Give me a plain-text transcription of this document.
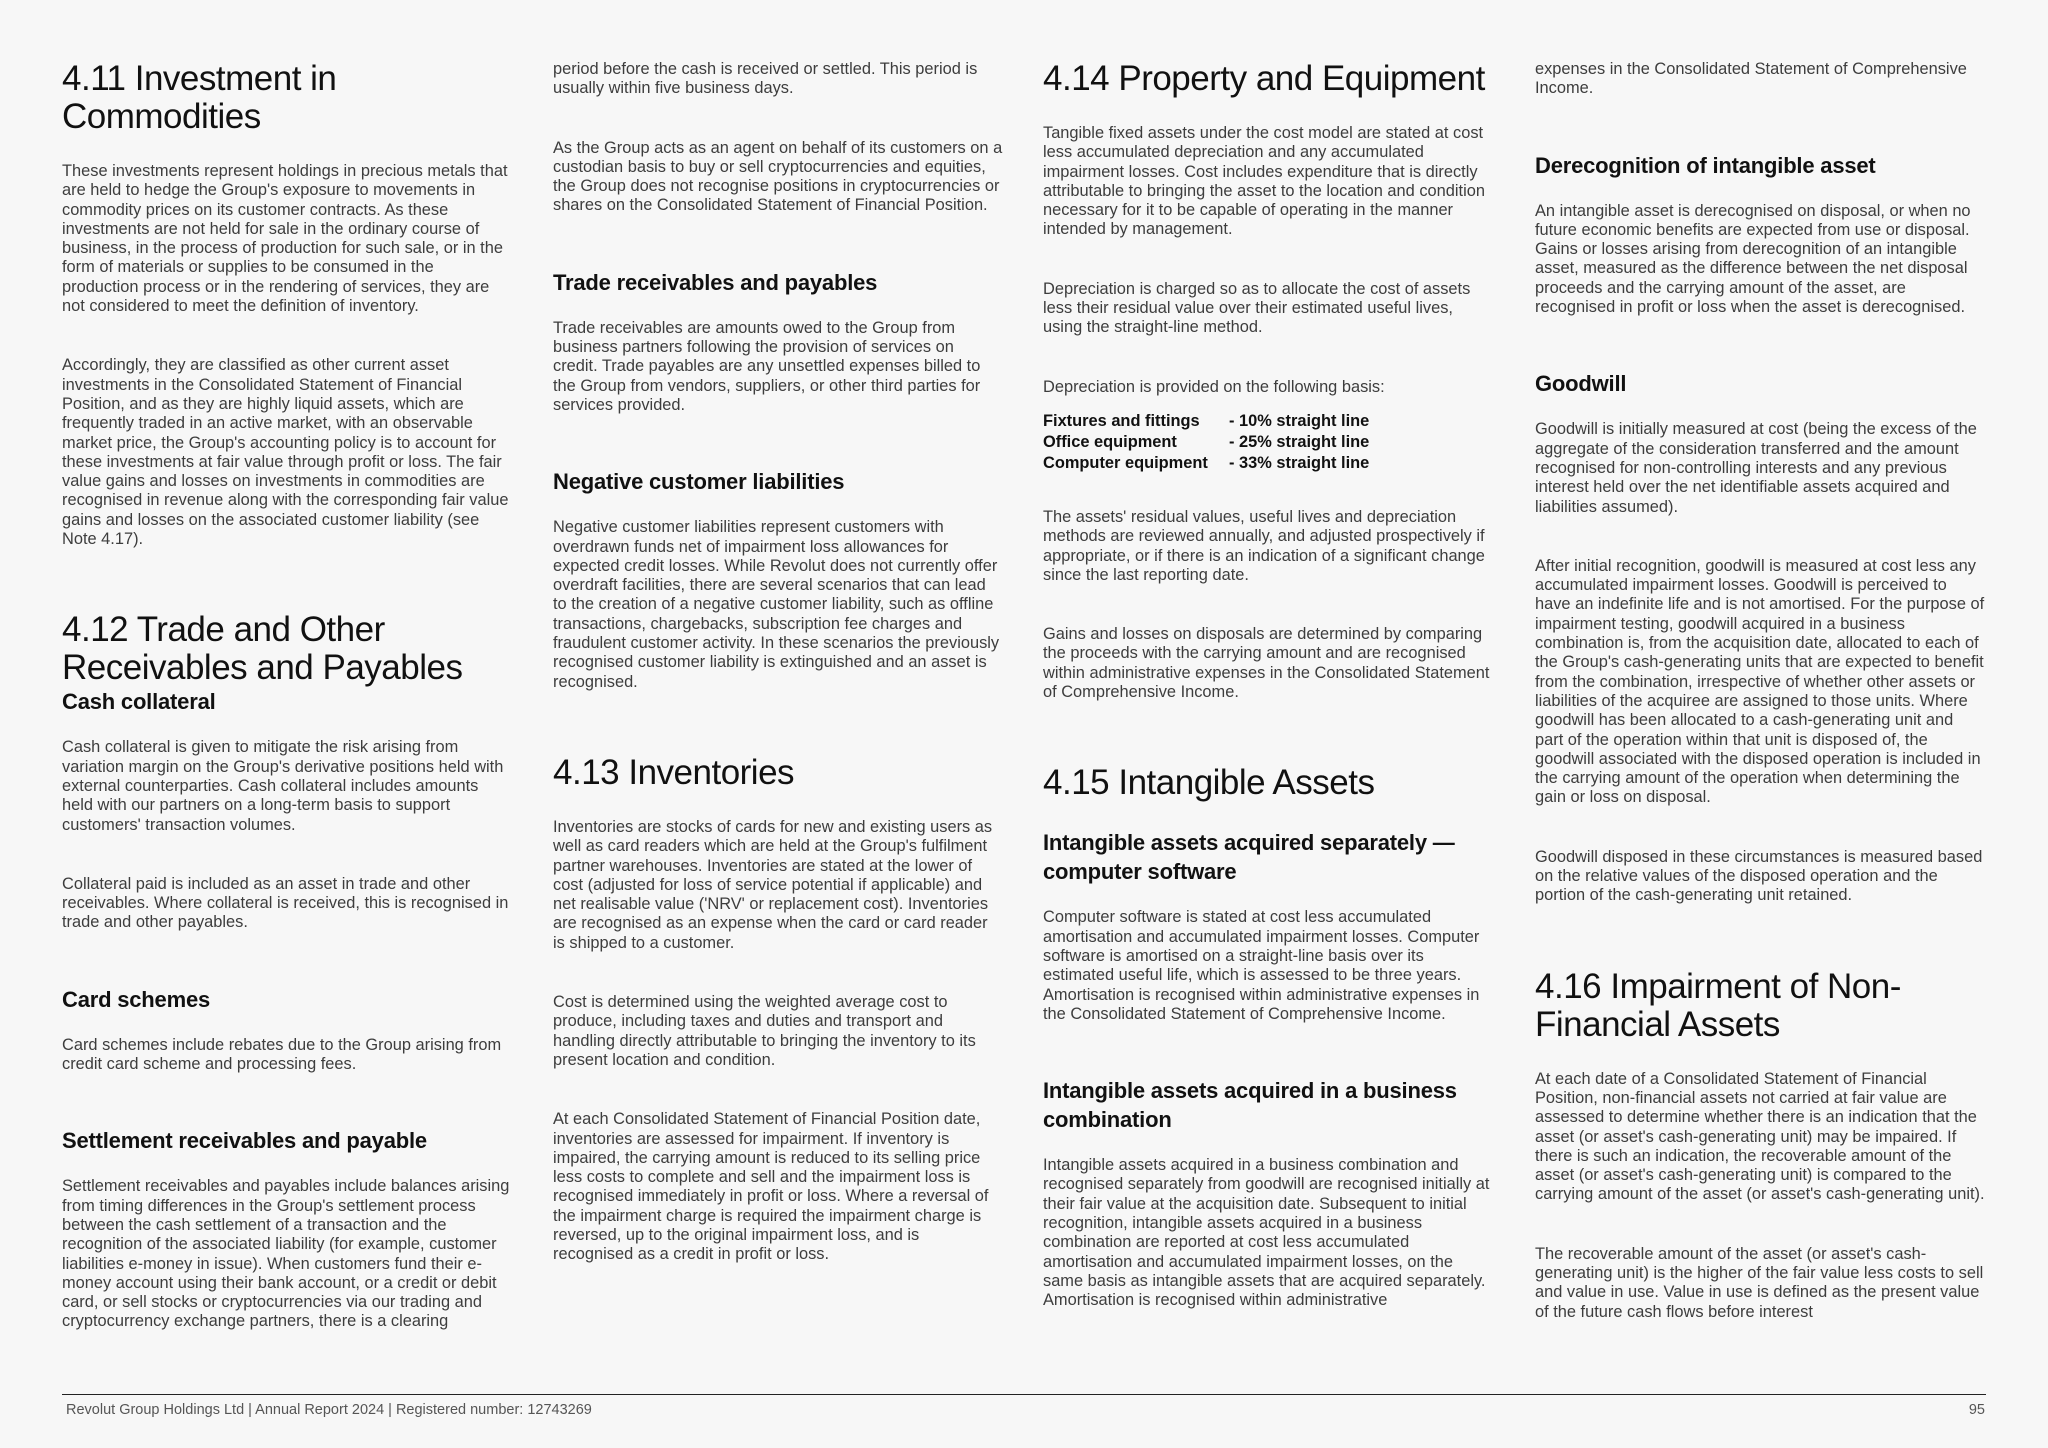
4.11 Investment in Commodities

These investments represent holdings in precious metals that are held to hedge the Group's exposure to movements in commodity prices on its customer contracts. As these investments are not held for sale in the ordinary course of business, in the process of production for such sale, or in the form of materials or supplies to be consumed in the production process or in the rendering of services, they are not considered to meet the definition of inventory.

Accordingly, they are classified as other current asset investments in the Consolidated Statement of Financial Position, and as they are highly liquid assets, which are frequently traded in an active market, with an observable market price, the Group's accounting policy is to account for these investments at fair value through profit or loss. The fair value gains and losses on investments in commodities are recognised in revenue along with the corresponding fair value gains and losses on the associated customer liability (see Note 4.17).

4.12 Trade and Other Receivables and Payables
Cash collateral

Cash collateral is given to mitigate the risk arising from variation margin on the Group's derivative positions held with external counterparties. Cash collateral includes amounts held with our partners on a long-term basis to support customers' transaction volumes.

Collateral paid is included as an asset in trade and other receivables. Where collateral is received, this is recognised in trade and other payables.

Card schemes

Card schemes include rebates due to the Group arising from credit card scheme and processing fees.

Settlement receivables and payable

Settlement receivables and payables include balances arising from timing differences in the Group's settlement process between the cash settlement of a transaction and the recognition of the associated liability (for example, customer liabilities e-money in issue). When customers fund their e-money account using their bank account, or a credit or debit card, or sell stocks or cryptocurrencies via our trading and cryptocurrency exchange partners, there is a clearing

period before the cash is received or settled. This period is usually within five business days.

As the Group acts as an agent on behalf of its customers on a custodian basis to buy or sell cryptocurrencies and equities, the Group does not recognise positions in cryptocurrencies or shares on the Consolidated Statement of Financial Position.

Trade receivables and payables

Trade receivables are amounts owed to the Group from business partners following the provision of services on credit. Trade payables are any unsettled expenses billed to the Group from vendors, suppliers, or other third parties for services provided.

Negative customer liabilities

Negative customer liabilities represent customers with overdrawn funds net of impairment loss allowances for expected credit losses. While Revolut does not currently offer overdraft facilities, there are several scenarios that can lead to the creation of a negative customer liability, such as offline transactions, chargebacks, subscription fee charges and fraudulent customer activity. In these scenarios the previously recognised customer liability is extinguished and an asset is recognised.

4.13 Inventories

Inventories are stocks of cards for new and existing users as well as card readers which are held at the Group's fulfilment partner warehouses. Inventories are stated at the lower of cost (adjusted for loss of service potential if applicable) and net realisable value ('NRV' or replacement cost). Inventories are recognised as an expense when the card or card reader is shipped to a customer.

Cost is determined using the weighted average cost to produce, including taxes and duties and transport and handling directly attributable to bringing the inventory to its present location and condition.

At each Consolidated Statement of Financial Position date, inventories are assessed for impairment. If inventory is impaired, the carrying amount is reduced to its selling price less costs to complete and sell and the impairment loss is recognised immediately in profit or loss. Where a reversal of the impairment charge is required the impairment charge is reversed, up to the original impairment loss, and is recognised as a credit in profit or loss.

4.14 Property and Equipment

Tangible fixed assets under the cost model are stated at cost less accumulated depreciation and any accumulated impairment losses. Cost includes expenditure that is directly attributable to bringing the asset to the location and condition necessary for it to be capable of operating in the manner intended by management.

Depreciation is charged so as to allocate the cost of assets less their residual value over their estimated useful lives, using the straight-line method.

Depreciation is provided on the following basis:

Fixtures and fittings	- 10% straight line
Office equipment	- 25% straight line
Computer equipment	- 33% straight line

The assets' residual values, useful lives and depreciation methods are reviewed annually, and adjusted prospectively if appropriate, or if there is an indication of a significant change since the last reporting date.

Gains and losses on disposals are determined by comparing the proceeds with the carrying amount and are recognised within administrative expenses in the Consolidated Statement of Comprehensive Income.

4.15 Intangible Assets
Intangible assets acquired separately — computer software

Computer software is stated at cost less accumulated amortisation and accumulated impairment losses. Computer software is amortised on a straight-line basis over its estimated useful life, which is assessed to be three years. Amortisation is recognised within administrative expenses in the Consolidated Statement of Comprehensive Income.

Intangible assets acquired in a business combination

Intangible assets acquired in a business combination and recognised separately from goodwill are recognised initially at their fair value at the acquisition date. Subsequent to initial recognition, intangible assets acquired in a business combination are reported at cost less accumulated amortisation and accumulated impairment losses, on the same basis as intangible assets that are acquired separately. Amortisation is recognised within administrative

expenses in the Consolidated Statement of Comprehensive Income.

Derecognition of intangible asset

An intangible asset is derecognised on disposal, or when no future economic benefits are expected from use or disposal. Gains or losses arising from derecognition of an intangible asset, measured as the difference between the net disposal proceeds and the carrying amount of the asset, are recognised in profit or loss when the asset is derecognised.

Goodwill

Goodwill is initially measured at cost (being the excess of the aggregate of the consideration transferred and the amount recognised for non-controlling interests and any previous interest held over the net identifiable assets acquired and liabilities assumed).

After initial recognition, goodwill is measured at cost less any accumulated impairment losses. Goodwill is perceived to have an indefinite life and is not amortised. For the purpose of impairment testing, goodwill acquired in a business combination is, from the acquisition date, allocated to each of the Group's cash-generating units that are expected to benefit from the combination, irrespective of whether other assets or liabilities of the acquiree are assigned to those units. Where goodwill has been allocated to a cash-generating unit and part of the operation within that unit is disposed of, the goodwill associated with the disposed operation is included in the carrying amount of the operation when determining the gain or loss on disposal.

Goodwill disposed in these circumstances is measured based on the relative values of the disposed operation and the portion of the cash-generating unit retained.

4.16 Impairment of Non-Financial Assets

At each date of a Consolidated Statement of Financial Position, non-financial assets not carried at fair value are assessed to determine whether there is an indication that the asset (or asset's cash-generating unit) may be impaired. If there is such an indication, the recoverable amount of the asset (or asset's cash-generating unit) is compared to the carrying amount of the asset (or asset's cash-generating unit).

The recoverable amount of the asset (or asset's cash-generating unit) is the higher of the fair value less costs to sell and value in use. Value in use is defined as the present value of the future cash flows before interest

Revolut Group Holdings Ltd | Annual Report 2024 | Registered number: 12743269	95
